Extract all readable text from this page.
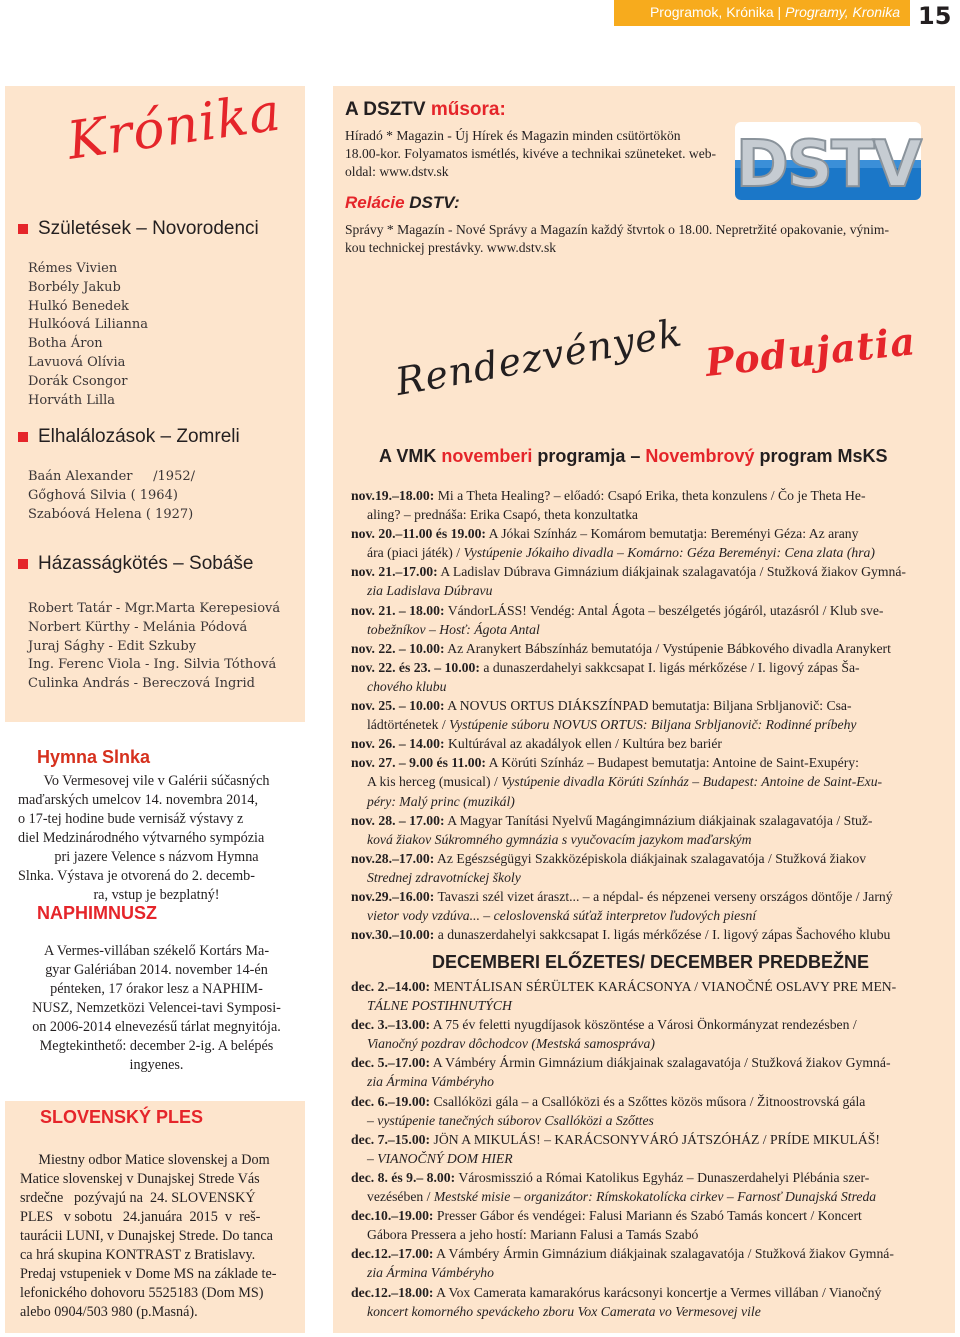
Programok, Krónika | Programy, Kronika 15
Krónika
Születések – Novorodenci
Rémes Vivien
Borbély Jakub
Hulkó Benedek
Hulkóová Lilianna
Botha Áron
Lavuová Olívia
Dorák Csongor
Horváth Lilla
Elhalálozások – Zomreli
Baán Alexander     /1952/
Gőghová Silvia ( 1964)
Szabóová Helena ( 1927)
Házasságkötés – Sobáše
Robert Tatár - Mgr.Marta Kerepesiová
Norbert Kürthy - Melánia Pódová
Juraj Sághy - Edit Szkuby
Ing. Ferenc Viola - Ing. Silvia Tóthová
Culinka András - Bereczová Ingrid
Hymna Slnka
Vo Vermesovej vile v Galérii súčasných
maďarských umelcov 14. novembra 2014,
o 17-tej hodine bude vernisáž výstavy z
diel Medzinárodného výtvarného sympózia
pri jazere Velence s názvom Hymna
Slnka. Výstava je otvorená do 2. decemb-
ra, vstup je bezplatný!
NAPHIMNUSZ
A Vermes-villában székelő Kortárs Ma-
gyar Galériában 2014. november 14-én
pénteken, 17 órakor lesz a NAPHIM-
NUSZ, Nemzetközi Velencei-tavi Symposi-
on 2006-2014 elnevezésű tárlat megnyitója.
Megtekinthető: december 2-ig. A belépés
ingyenes.
SLOVENSKÝ PLES
Miestny odbor Matice slovenskej a Dom
Matice slovenskej v Dunajskej Strede Vás
srdečne   pozývajú na  24. SLOVENSKÝ
PLES   v sobotu   24.januára  2015  v  reš-
taurácii LUNI, v Dunajskej Strede. Do tanca
ca hrá skupina KONTRAST z Bratislavy.
Predaj vstupeniek v Dome MS na základe te-
lefonického dohovoru 5525183 (Dom MS)
alebo 0904/503 980 (p.Masná).
A DSZTV műsora:
Híradó * Magazin - Új Hírek és Magazin minden csütörtökön
18.00-kor. Folyamatos ismétlés, kivéve a technikai szüneteket. web-
oldal: www.dstv.sk	DSTV
Relácie DSTV:
Správy * Magazín - Nové Správy a Magazín každý štvrtok o 18.00. Nepretržité opakovanie, výnim-
kou technickej prestávky. www.dstv.sk
Rendezvények Podujatia
A VMK novemberi programja – Novembrový program MsKS
nov.19.–18.00: Mi a Theta Healing? – előadó: Csapó Erika, theta konzulens / Čo je Theta He-
aling? – prednáša: Erika Csapó, theta konzultatka
nov. 20.–11.00 és 19.00: A Jókai Színház – Komárom bemutatja: Bereményi Géza: Az arany
ára (piaci játék) / Vystúpenie Jókaiho divadla – Komárno: Géza Bereményi: Cena zlata (hra)
nov. 21.–17.00: A Ladislav Dúbrava Gimnázium diákjainak szalagavatója / Stužková žiakov Gymná-
zia Ladislava Dúbravu
nov. 21. – 18.00: VándorLÁSS! Vendég: Antal Ágota – beszélgetés jógáról, utazásról / Klub sve-
tobežníkov – Hosť: Ágota Antal
nov. 22. – 10.00: Az Aranykert Bábszínház bemutatója / Vystúpenie Bábkového divadla Aranykert
nov. 22. és 23. – 10.00: a dunaszerdahelyi sakkcsapat I. ligás mérkőzése / I. ligový zápas Ša-
chového klubu
nov. 25. – 10.00: A NOVUS ORTUS DIÁKSZÍNPAD bemutatja: Biljana Srbljanovič: Csa-
ládtörténetek / Vystúpenie súboru NOVUS ORTUS: Biljana Srbljanovič: Rodinné príbehy
nov. 26. – 14.00: Kultúrával az akadályok ellen / Kultúra bez bariér
nov. 27. – 9.00 és 11.00: A Körúti Színház – Budapest bemutatja: Antoine de Saint-Exupéry:
A kis herceg (musical) / Vystúpenie divadla Körúti Színház – Budapest: Antoine de Saint-Exu-
péry: Malý princ (muzikál)
nov. 28. – 17.00: A Magyar Tanítási Nyelvű Magángimnázium diákjainak szalagavatója / Stuž-
ková žiakov Súkromného gymnázia s vyučovacím jazykom maďarským
nov.28.–17.00: Az Egészségügyi Szakközépiskola diákjainak szalagavatója / Stužková žiakov
Strednej zdravotníckej školy
nov.29.–16.00: Tavaszi szél vizet áraszt... – a népdal- és népzenei verseny országos döntője / Jarný
vietor vody vzdúva... – celoslovenská súťaž interpretov ľudových piesní
nov.30.–10.00: a dunaszerdahelyi sakkcsapat I. ligás mérkőzése / I. ligový zápas Šachového klubu
DECEMBERI ELŐZETES/ DECEMBER PREDBEŽNE
dec. 2.–14.00: MENTÁLISAN SÉRÜLTEK KARÁCSONYA / VIANOČNÉ OSLAVY PRE MEN-
TÁLNE POSTIHNUTÝCH
dec. 3.–13.00: A 75 év feletti nyugdíjasok köszöntése a Városi Önkormányzat rendezésben /
Vianočný pozdrav dôchodcov (Mestská samospráva)
dec. 5.–17.00: A Vámbéry Ármin Gimnázium diákjainak szalagavatója / Stužková žiakov Gymná-
zia Ármina Vámbéryho
dec. 6.–19.00: Csallóközi gála – a Csallóközi és a Szőttes közös műsora / Žitnoostrovská gála
– vystúpenie tanečných súborov Csallóközi a Szőttes
dec. 7.–15.00: JÖN A MIKULÁS! – KARÁCSONYVÁRÓ JÁTSZÓHÁZ / PRÍDE MIKULÁŠ!
– VIANOČNÝ DOM HIER
dec. 8. és 9.– 8.00: Városmisszió a Római Katolikus Egyház – Dunaszerdahelyi Plébánia szer-
vezésében / Mestské misie – organizátor: Rímskokatolícka cirkev – Farnosť Dunajská Streda
dec.10.–19.00: Presser Gábor és vendégei: Falusi Mariann és Szabó Tamás koncert / Koncert
Gábora Pressera a jeho hostí: Mariann Falusi a Tamás Szabó
dec.12.–17.00: A Vámbéry Ármin Gimnázium diákjainak szalagavatója / Stužková žiakov Gymná-
zia Ármina Vámbéryho
dec.12.–18.00: A Vox Camerata kamarakórus karácsonyi koncertje a Vermes villában / Vianočný
koncert komorného speváckeho zboru Vox Camerata vo Vermesovej vile
